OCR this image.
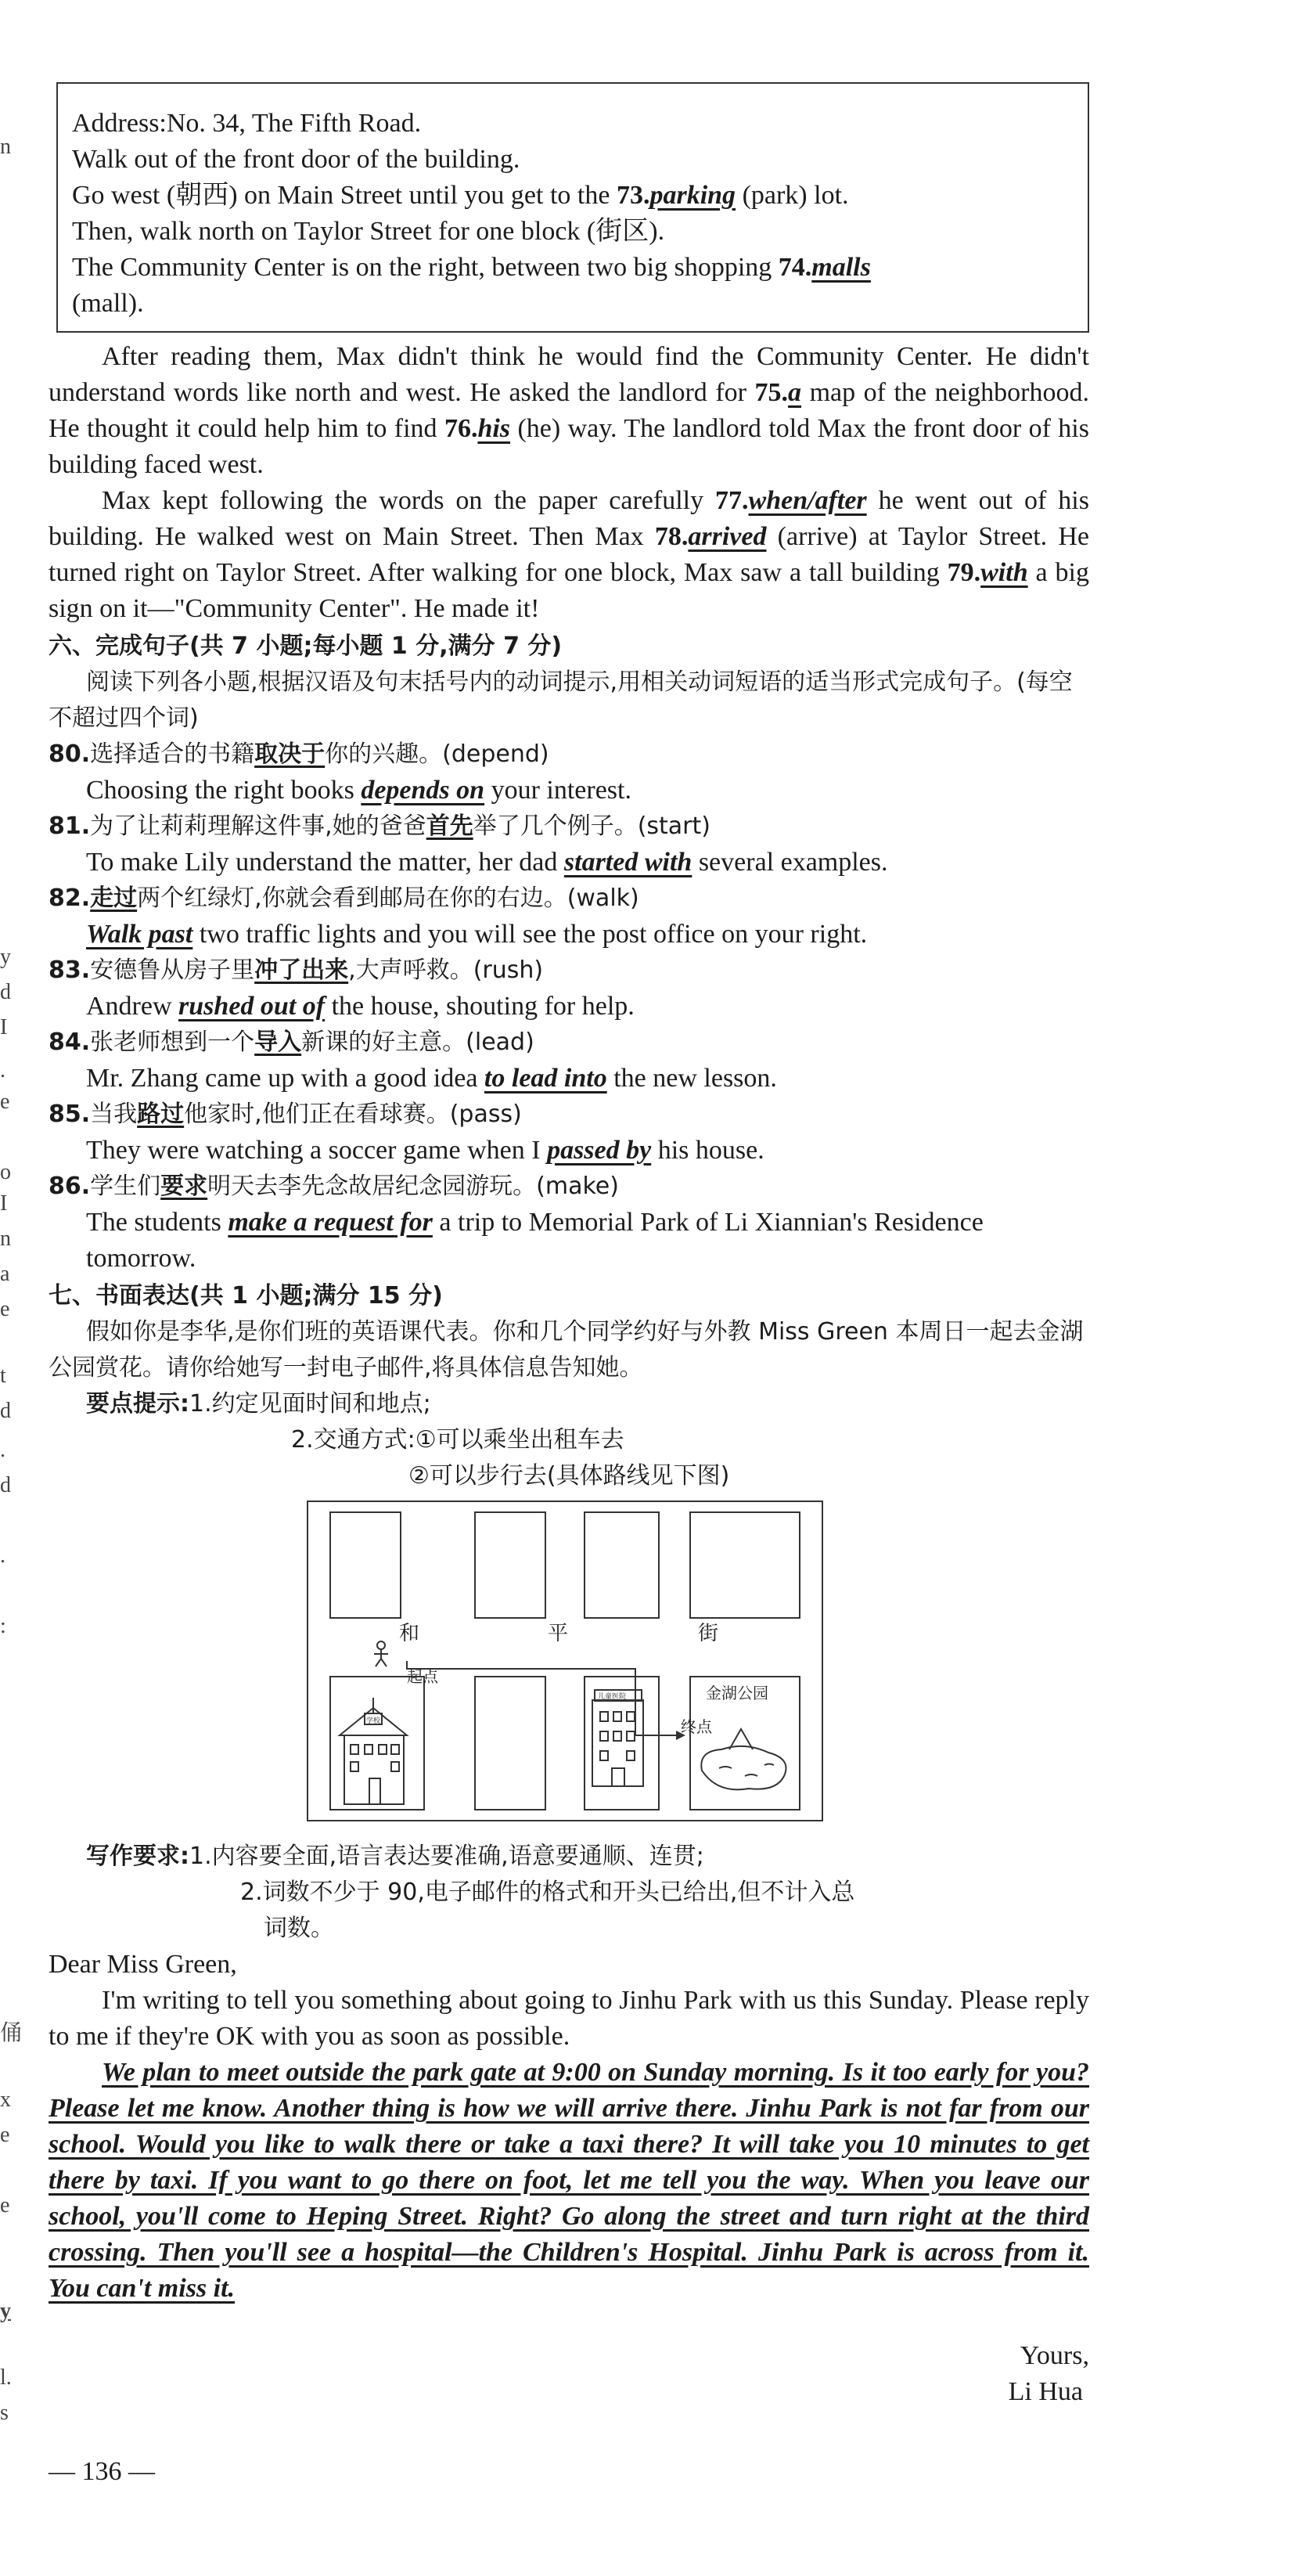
n
y
d
I
.
e
o
I
n
a
e
t
d
.
d
.
:
俑
x
e
e
y
l.
s
Address:No. 34, The Fifth Road.
Walk out of the front door of the building.
Go west (朝西) on Main Street until you get to the 73.parking (park) lot.
Then, walk north on Taylor Street for one block (街区).
The Community Center is on the right, between two big shopping 74.malls
(mall).

After reading them, Max didn't think he would find the Community Center. He didn't understand words like north and west. He asked the landlord for 75.a map of the neighborhood. He thought it could help him to find 76.his (he) way. The landlord told Max the front door of his building faced west.

Max kept following the words on the paper carefully 77.when/after he went out of his building. He walked west on Main Street. Then Max 78.arrived (arrive) at Taylor Street. He turned right on Taylor Street. After walking for one block, Max saw a tall building 79.with a big sign on it—"Community Center". He made it!

六、完成句子(共 7 小题;每小题 1 分,满分 7 分)
阅读下列各小题,根据汉语及句末括号内的动词提示,用相关动词短语的适当形式完成句子。(每空不超过四个词)
80.选择适合的书籍取决于你的兴趣。(depend)
Choosing the right books depends on your interest.
81.为了让莉莉理解这件事,她的爸爸首先举了几个例子。(start)
To make Lily understand the matter, her dad started with several examples.
82.走过两个红绿灯,你就会看到邮局在你的右边。(walk)
Walk past two traffic lights and you will see the post office on your right.
83.安德鲁从房子里冲了出来,大声呼救。(rush)
Andrew rushed out of the house, shouting for help.
84.张老师想到一个导入新课的好主意。(lead)
Mr. Zhang came up with a good idea to lead into the new lesson.
85.当我路过他家时,他们正在看球赛。(pass)
They were watching a soccer game when I passed by his house.
86.学生们要求明天去李先念故居纪念园游玩。(make)
The students make a request for a trip to Memorial Park of Li Xiannian's Residence tomorrow.
七、书面表达(共 1 小题;满分 15 分)
假如你是李华,是你们班的英语课代表。你和几个同学约好与外教 Miss Green 本周日一起去金湖公园赏花。请你给她写一封电子邮件,将具体信息告知她。
要点提示:1.约定见面时间和地点;
2.交通方式:①可以乘坐出租车去
②可以步行去(具体路线见下图)
和	平	街
起点
学校
儿童医院	金湖公园
终点
写作要求:1.内容要全面,语言表达要准确,语意要通顺、连贯;
2.词数不少于 90,电子邮件的格式和开头已给出,但不计入总
词数。

Dear Miss Green,

I'm writing to tell you something about going to Jinhu Park with us this Sunday. Please reply to me if they're OK with you as soon as possible.

We plan to meet outside the park gate at 9:00 on Sunday morning. Is it too early for you? Please let me know. Another thing is how we will arrive there. Jinhu Park is not far from our school. Would you like to walk there or take a taxi there? It will take you 10 minutes to get there by taxi. If you want to go there on foot, let me tell you the way. When you leave our school, you'll come to Heping Street. Right? Go along the street and turn right at the third crossing. Then you'll see a hospital—the Children's Hospital. Jinhu Park is across from it. You can't miss it.

Yours,

Li Hua

— 136 —
